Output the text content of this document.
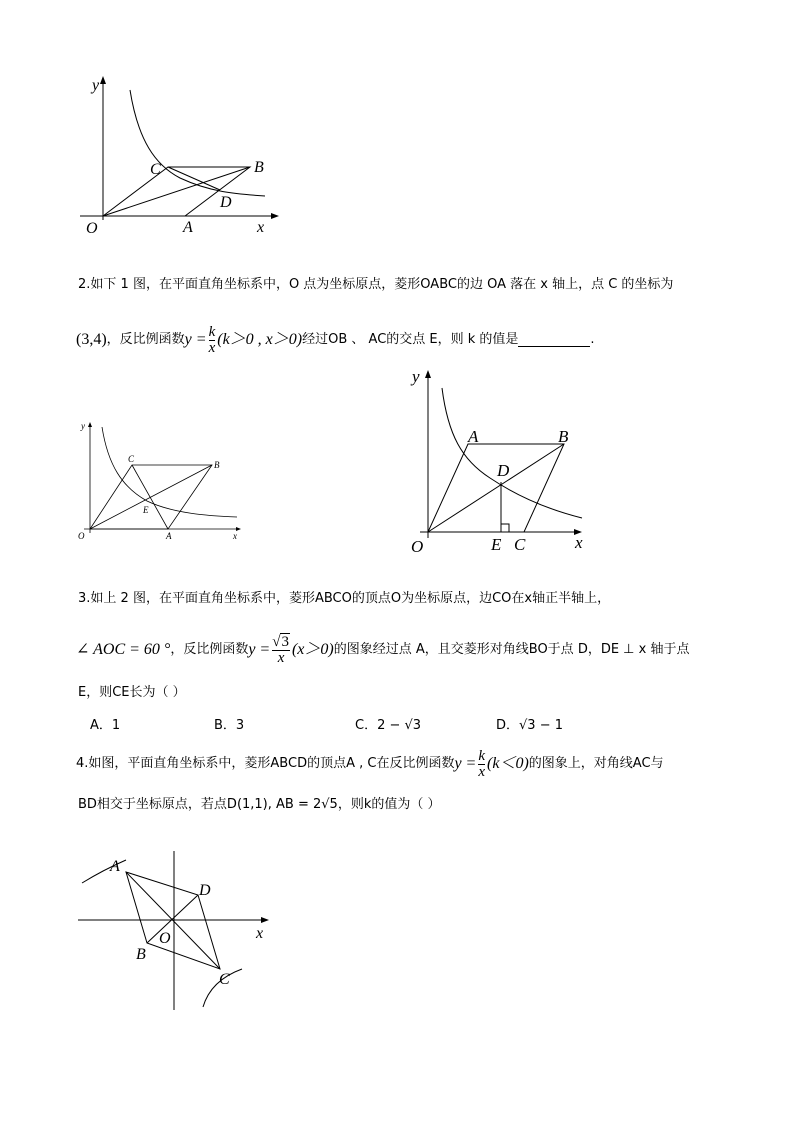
y
x
O	A
B
C
D
2.如下 1 图，在平面直角坐标系中，O 点为坐标原点，菱形OABC的边 OA 落在 x 轴上，点 C 的坐标为
(3,4) ，反比例函数 $y = \frac{k}{x} (k>0$ , x＞0) 经过OB 、 AC的交点 E，则 k 的值是	.
y
x
O	A
B
C
E
y
x
O
A	B
C
D
E
3.如上 2 图，在平面直角坐标系中，菱形ABCO的顶点O为坐标原点，边CO在x轴正半轴上，
∠ AOC = 60 ° ，反比例函数 $y = \frac{√3}{x} (x>0)$ 的图象经过点 A，且交菱形对角线BO于点 D，DE ⊥ x 轴于点
E，则CE长为（ ）
A．1	B．3	C．2 − √3	D．√3 − 1
4. 如图，平面直角坐标系中，菱形ABCD的顶点A , C在反比例函数 $y = \frac{k}{x} (k<0)$ 的图象上，对角线AC与
BD相交于坐标原点，若点D(1,1), AB = 2√5，则k的值为（ ）
A
D
B
C
O	x
